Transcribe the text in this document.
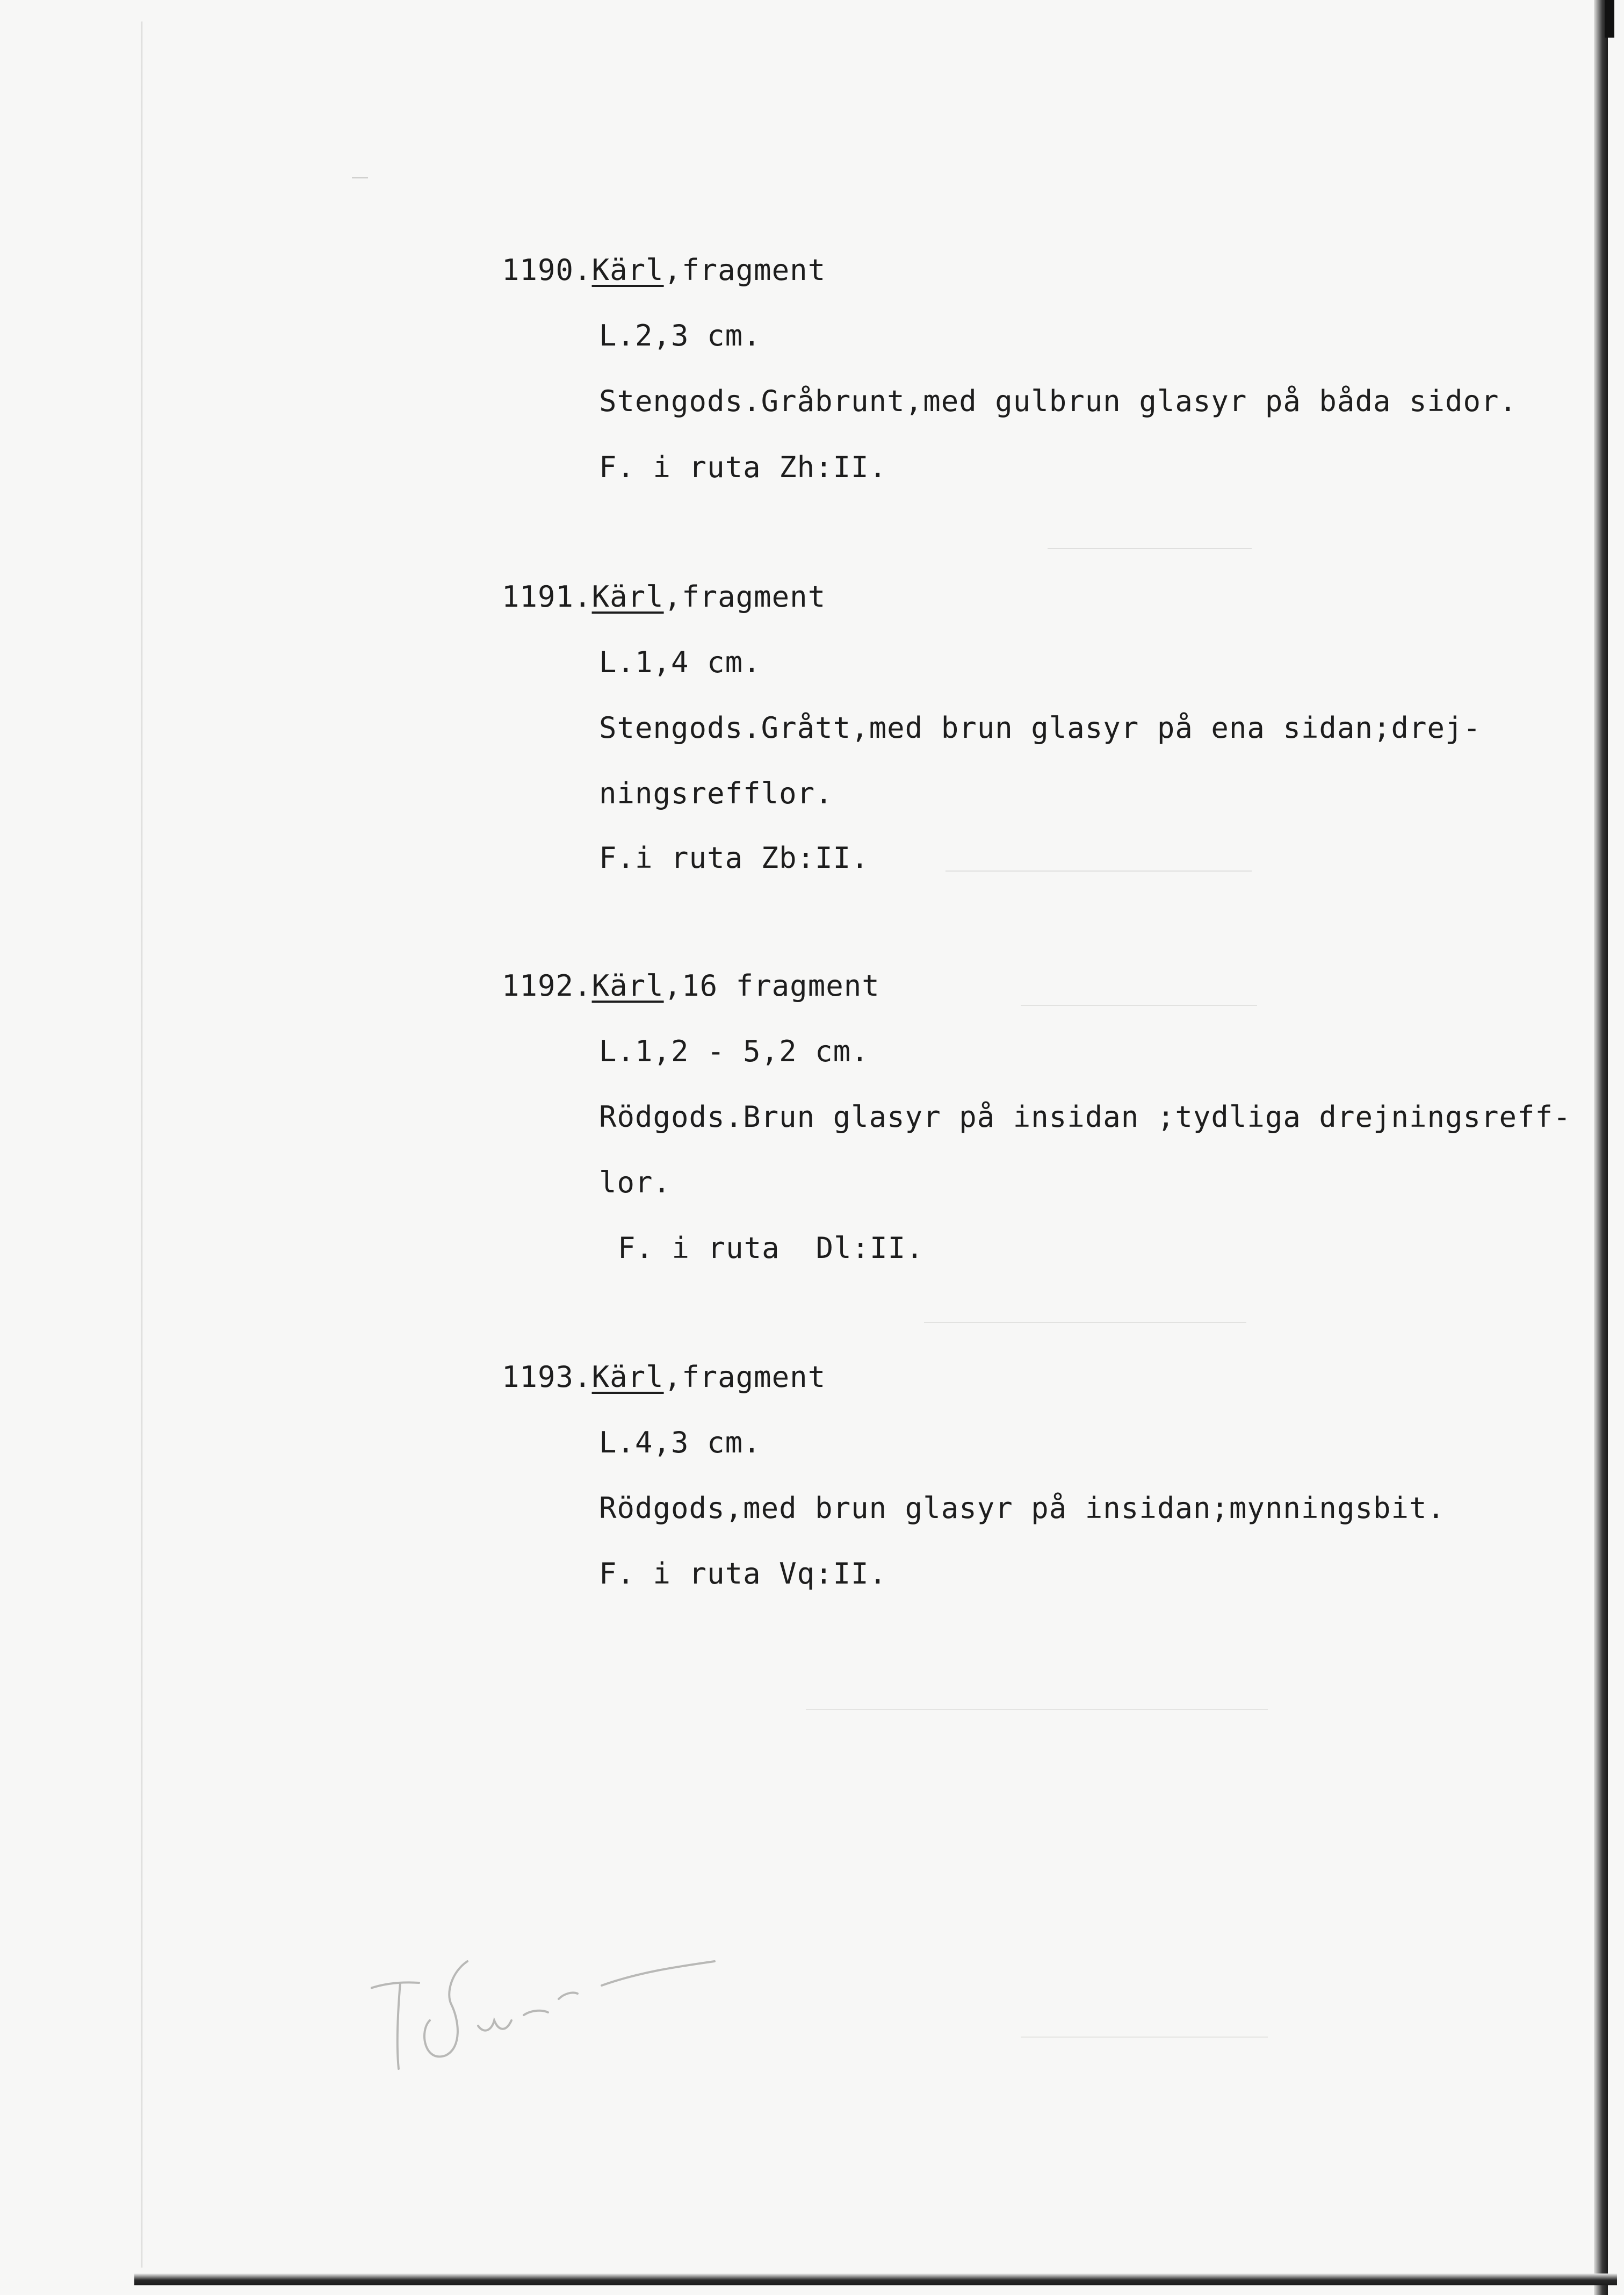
1190.Kärl,fragment
L.2,3 cm.
Stengods.Gråbrunt,med gulbrun glasyr på båda sidor.
F. i ruta Zh:II.
1191.Kärl,fragment
L.1,4 cm.
Stengods.Grått,med brun glasyr på ena sidan;drej-
ningsrefflor.
F.i ruta Zb:II.
1192.Kärl,16 fragment
L.1,2 - 5,2 cm.
Rödgods.Brun glasyr på insidan ;tydliga drejningsreff-
lor.
F. i ruta  Dl:II.
1193.Kärl,fragment
L.4,3 cm.
Rödgods,med brun glasyr på insidan;mynningsbit.
F. i ruta Vq:II.
